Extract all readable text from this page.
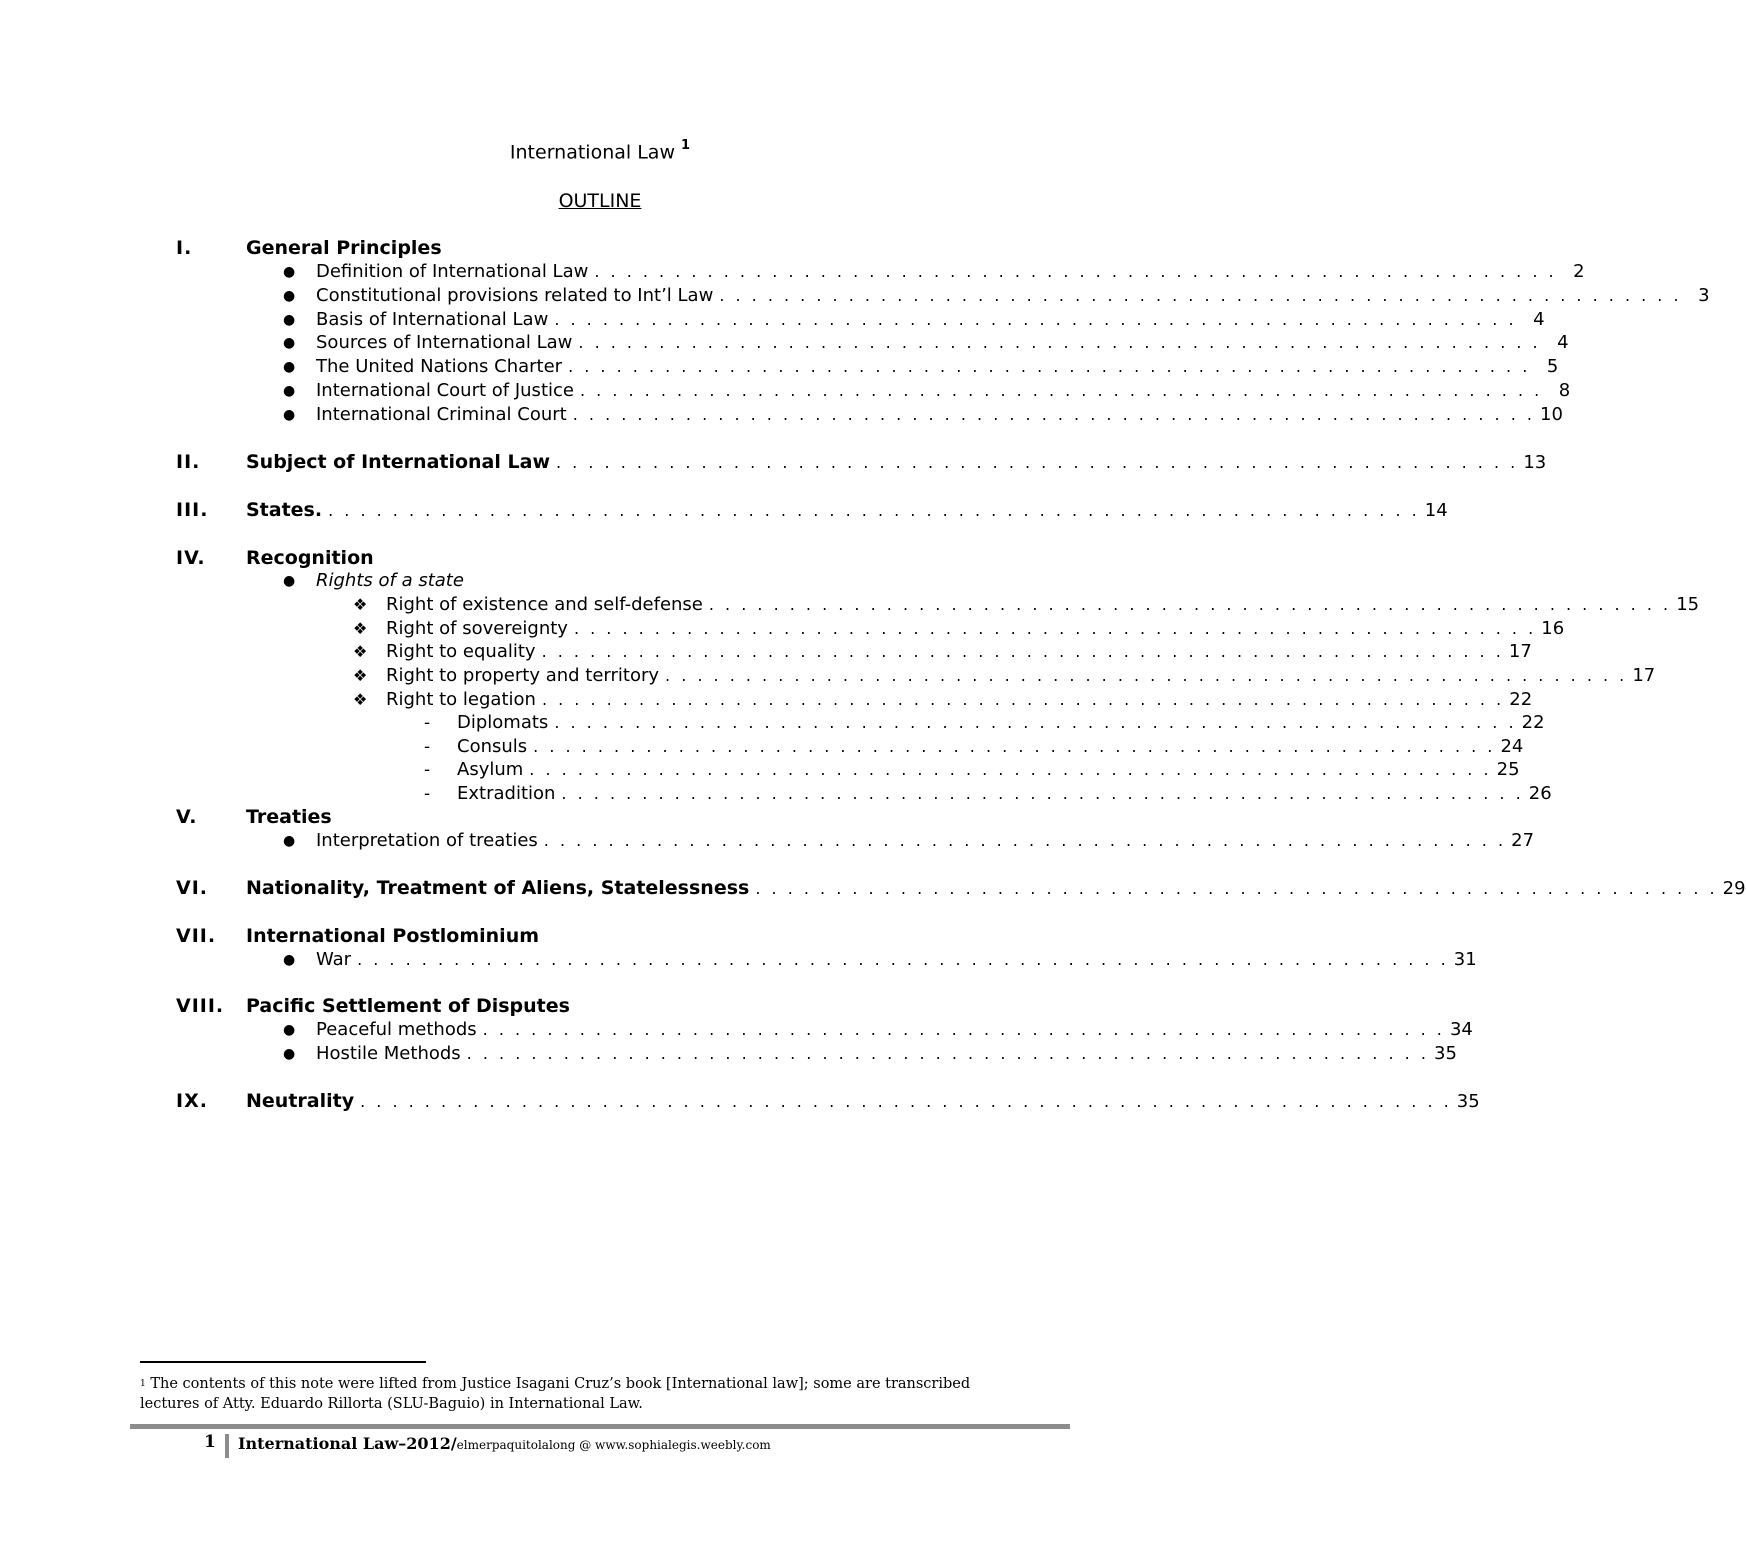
International Law $^1$
OUTLINE
I.	General Principles
● Definition of International Law . . . . . . . . . . . . . . . . . . . . . . . . . . . . . . . . . . . . . . . . . . . . . . . . . . . . . . . . . . . . 2
● Constitutional provisions related to Int’l Law . . . . . . . . . . . . . . . . . . . . . . . . . . . . . . . . . . . . . . . . . . . . . . . . . . . . . . . . . . . . 3
● Basis of International Law . . . . . . . . . . . . . . . . . . . . . . . . . . . . . . . . . . . . . . . . . . . . . . . . . . . . . . . . . . . . 4
● Sources of International Law . . . . . . . . . . . . . . . . . . . . . . . . . . . . . . . . . . . . . . . . . . . . . . . . . . . . . . . . . . . . 4
● The United Nations Charter . . . . . . . . . . . . . . . . . . . . . . . . . . . . . . . . . . . . . . . . . . . . . . . . . . . . . . . . . . . . 5
● International Court of Justice . . . . . . . . . . . . . . . . . . . . . . . . . . . . . . . . . . . . . . . . . . . . . . . . . . . . . . . . . . . . 8
● International Criminal Court . . . . . . . . . . . . . . . . . . . . . . . . . . . . . . . . . . . . . . . . . . . . . . . . . . . . . . . . . . . . 10
II. Subject of International Law . . . . . . . . . . . . . . . . . . . . . . . . . . . . . . . . . . . . . . . . . . . . . . . . . . . . . . . . . . . . 13
III. States. . . . . . . . . . . . . . . . . . . . . . . . . . . . . . . . . . . . . . . . . . . . . . . . . . . . . . . . . . . . . . . . . . . . . 14
IV. Recognition
● Rights of a state
❖ Right of existence and self-defense . . . . . . . . . . . . . . . . . . . . . . . . . . . . . . . . . . . . . . . . . . . . . . . . . . . . . . . . . . . . 15
❖ Right of sovereignty . . . . . . . . . . . . . . . . . . . . . . . . . . . . . . . . . . . . . . . . . . . . . . . . . . . . . . . . . . . . 16
❖ Right to equality . . . . . . . . . . . . . . . . . . . . . . . . . . . . . . . . . . . . . . . . . . . . . . . . . . . . . . . . . . . . 17
❖ Right to property and territory . . . . . . . . . . . . . . . . . . . . . . . . . . . . . . . . . . . . . . . . . . . . . . . . . . . . . . . . . . . . 17
❖ Right to legation . . . . . . . . . . . . . . . . . . . . . . . . . . . . . . . . . . . . . . . . . . . . . . . . . . . . . . . . . . . . 22
- Diplomats . . . . . . . . . . . . . . . . . . . . . . . . . . . . . . . . . . . . . . . . . . . . . . . . . . . . . . . . . . . . 22
- Consuls . . . . . . . . . . . . . . . . . . . . . . . . . . . . . . . . . . . . . . . . . . . . . . . . . . . . . . . . . . . . 24
- Asylum . . . . . . . . . . . . . . . . . . . . . . . . . . . . . . . . . . . . . . . . . . . . . . . . . . . . . . . . . . . . 25
- Extradition . . . . . . . . . . . . . . . . . . . . . . . . . . . . . . . . . . . . . . . . . . . . . . . . . . . . . . . . . . . . 26
V.	Treaties
● Interpretation of treaties . . . . . . . . . . . . . . . . . . . . . . . . . . . . . . . . . . . . . . . . . . . . . . . . . . . . . . . . . . . . 27
VI. Nationality, Treatment of Aliens, Statelessness . . . . . . . . . . . . . . . . . . . . . . . . . . . . . . . . . . . . . . . . . . . . . . . . . . . . . . . . . . . . 29
VII. International Postlominium
● War . . . . . . . . . . . . . . . . . . . . . . . . . . . . . . . . . . . . . . . . . . . . . . . . . . . . . . . . . . . . . . . . . . . . 31
VIII. Pacific Settlement of Disputes
● Peaceful methods . . . . . . . . . . . . . . . . . . . . . . . . . . . . . . . . . . . . . . . . . . . . . . . . . . . . . . . . . . . . 34
● Hostile Methods . . . . . . . . . . . . . . . . . . . . . . . . . . . . . . . . . . . . . . . . . . . . . . . . . . . . . . . . . . . . 35
IX. Neutrality . . . . . . . . . . . . . . . . . . . . . . . . . . . . . . . . . . . . . . . . . . . . . . . . . . . . . . . . . . . . . . . . . . . . 35
$^1$ The contents of this note were lifted from Justice Isagani Cruz’s book [International law]; some are transcribed lectures of Atty. Eduardo Rillorta (SLU-Baguio) in International Law.
1 International Law–2012/elmerpaquitolalong @ www.sophialegis.weebly.com
